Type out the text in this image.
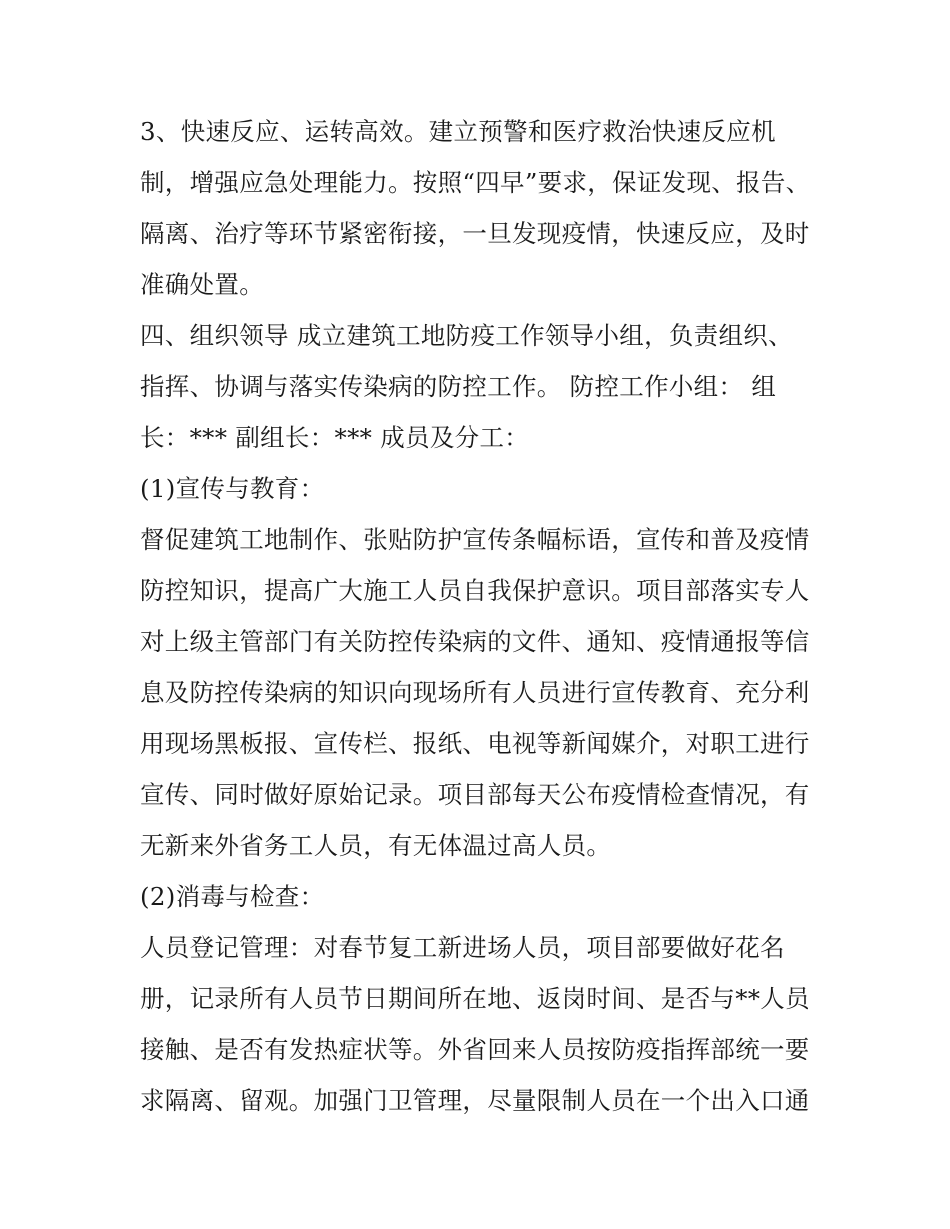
3、快速反应、运转高效。建立预警和医疗救治快速反应机
制，增强应急处理能力。按照“四早”要求，保证发现、报告、
隔离、治疗等环节紧密衔接，一旦发现疫情，快速反应，及时
准确处置。
四、组织领导 成立建筑工地防疫工作领导小组，负责组织、
指挥、协调与落实传染病的防控工作。 防控工作小组： 组
长：*** 副组长：*** 成员及分工：
(1)宣传与教育：
督促建筑工地制作、张贴防护宣传条幅标语，宣传和普及疫情
防控知识，提高广大施工人员自我保护意识。项目部落实专人
对上级主管部门有关防控传染病的文件、通知、疫情通报等信
息及防控传染病的知识向现场所有人员进行宣传教育、充分利
用现场黑板报、宣传栏、报纸、电视等新闻媒介，对职工进行
宣传、同时做好原始记录。项目部每天公布疫情检查情况，有
无新来外省务工人员，有无体温过高人员。
(2)消毒与检查：
人员登记管理：对春节复工新进场人员，项目部要做好花名
册，记录所有人员节日期间所在地、返岗时间、是否与**人员
接触、是否有发热症状等。外省回来人员按防疫指挥部统一要
求隔离、留观。加强门卫管理，尽量限制人员在一个出入口通
